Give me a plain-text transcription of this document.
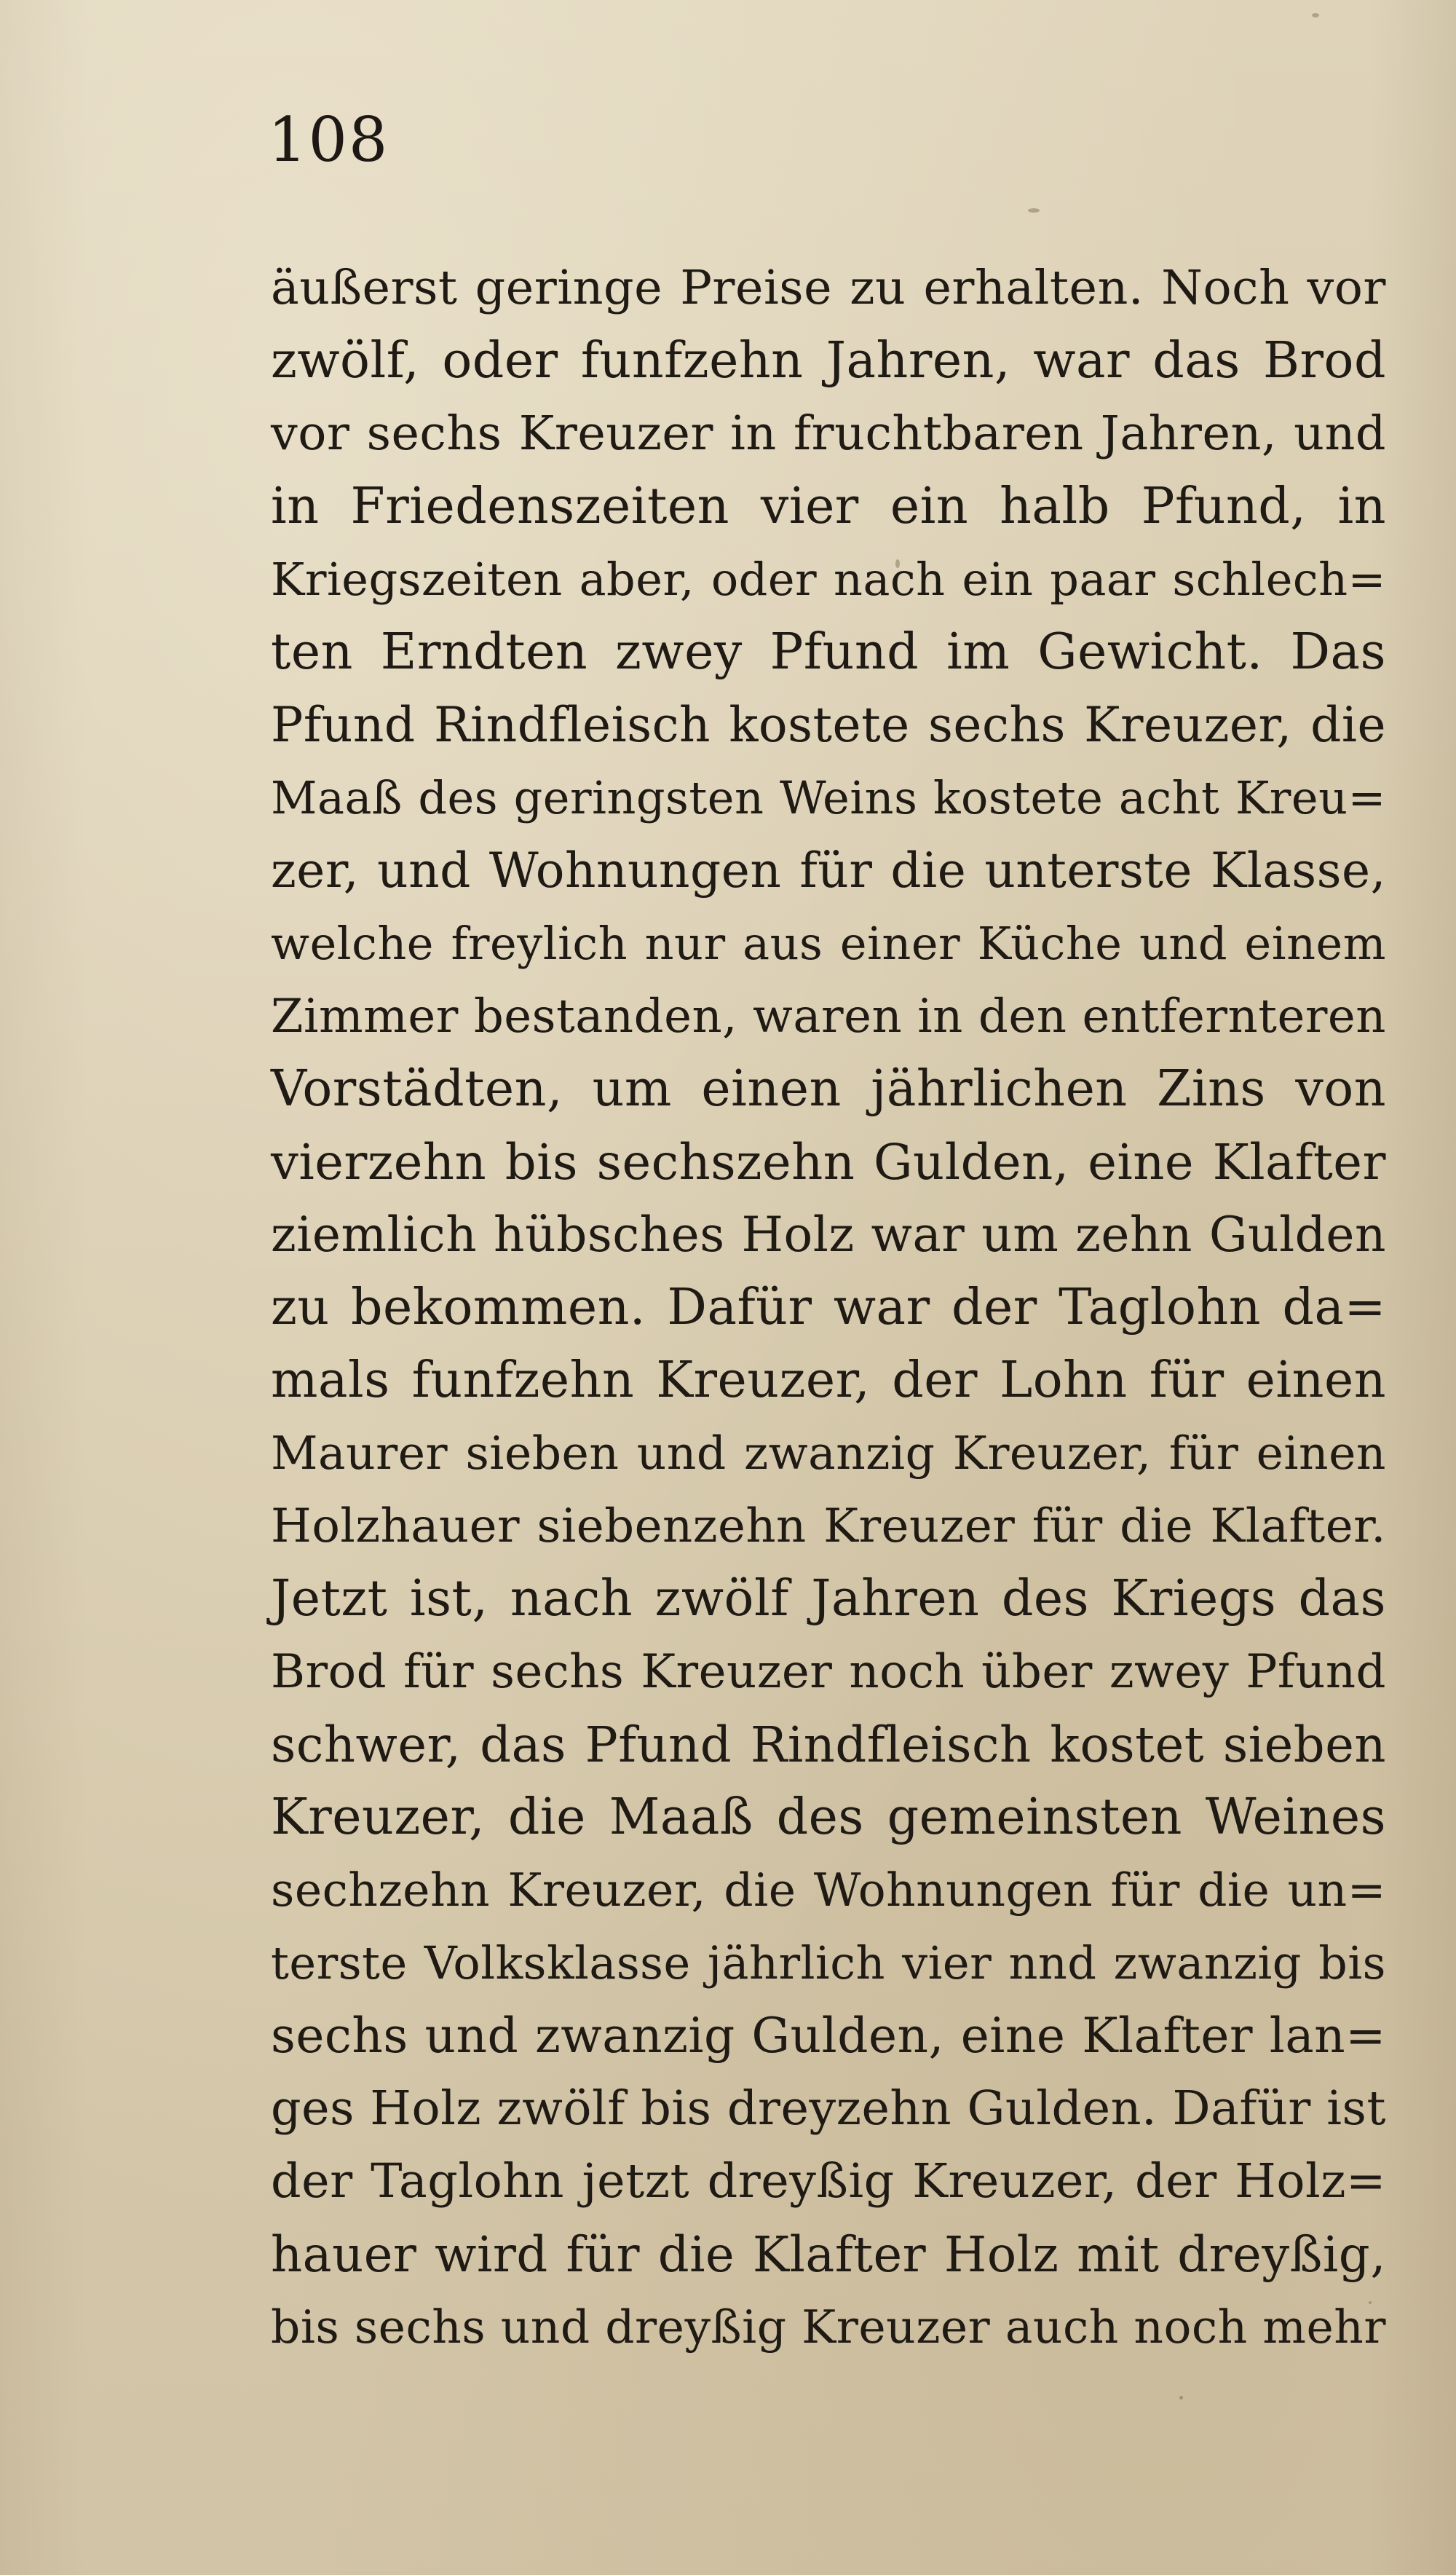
108
äußerst geringe Preise zu erhalten. Noch vor
zwölf, oder funfzehn Jahren, war das Brod
vor sechs Kreuzer in fruchtbaren Jahren, und
in Friedenszeiten vier ein halb Pfund, in
Kriegszeiten aber, oder nach ein paar schlech=
ten Erndten zwey Pfund im Gewicht. Das
Pfund Rindfleisch kostete sechs Kreuzer, die
Maaß des geringsten Weins kostete acht Kreu=
zer, und Wohnungen für die unterste Klasse,
welche freylich nur aus einer Küche und einem
Zimmer bestanden, waren in den entfernteren
Vorstädten, um einen jährlichen Zins von
vierzehn bis sechszehn Gulden, eine Klafter
ziemlich hübsches Holz war um zehn Gulden
zu bekommen. Dafür war der Taglohn da=
mals funfzehn Kreuzer, der Lohn für einen
Maurer sieben und zwanzig Kreuzer, für einen
Holzhauer siebenzehn Kreuzer für die Klafter.
Jetzt ist, nach zwölf Jahren des Kriegs das
Brod für sechs Kreuzer noch über zwey Pfund
schwer, das Pfund Rindfleisch kostet sieben
Kreuzer, die Maaß des gemeinsten Weines
sechzehn Kreuzer, die Wohnungen für die un=
terste Volksklasse jährlich vier nnd zwanzig bis
sechs und zwanzig Gulden, eine Klafter lan=
ges Holz zwölf bis dreyzehn Gulden. Dafür ist
der Taglohn jetzt dreyßig Kreuzer, der Holz=
hauer wird für die Klafter Holz mit dreyßig,
bis sechs und dreyßig Kreuzer auch noch mehr
